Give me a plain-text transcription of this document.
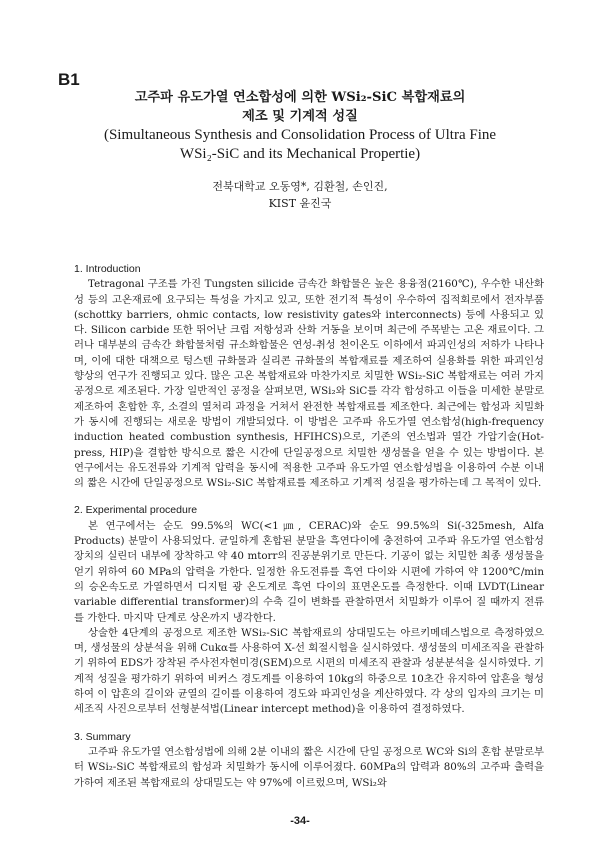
B1

고주파 유도가열 연소합성에 의한 WSi₂-SiC 복합재료의

제조 및 기계적 성질

(Simultaneous Synthesis and Consolidation Process of Ultra Fine

WSi₂-SiC and its Mechanical Propertie)

전북대학교 오동영*, 김환철, 손인진,
KIST 윤진국
1. Introduction

Tetragonal 구조를 가진 Tungsten silicide 금속간 화합물은 높은 용융점(2160℃), 우수한 내산화성 등의 고온재료에 요구되는 특성을 가지고 있고, 또한 전기적 특성이 우수하여 집적회로에서 전자부품(schottky barriers, ohmic contacts, low resistivity gates와 interconnects) 등에 사용되고 있다. Silicon carbide 또한 뛰어난 크립 저항성과 산화 거동을 보이며 최근에 주목받는 고온 재료이다. 그러나 대부분의 금속간 화합물처럼 규소화합물은 연성-취성 천이온도 이하에서 파괴인성의 저하가 나타나며, 이에 대한 대책으로 텅스텐 규화물과 실리콘 규화물의 복합재료를 제조하여 실용화를 위한 파괴인성 향상의 연구가 진행되고 있다. 많은 고온 복합재료와 마찬가지로 치밀한 WSi₂-SiC 복합재료는 여러 가지 공정으로 제조된다. 가장 일반적인 공정을 살펴보면, WSi₂와 SiC를 각각 합성하고 이들을 미세한 분말로 제조하여 혼합한 후, 소결의 열처리 과정을 거쳐서 완전한 복합재료를 제조한다. 최근에는 합성과 치밀화가 동시에 진행되는 새로운 방법이 개발되었다. 이 방법은 고주파 유도가열 연소합성(high-frequency induction heated combustion synthesis, HFIHCS)으로, 기존의 연소법과 열간 가압기술(Hot-press, HIP)을 결합한 방식으로 짧은 시간에 단일공정으로 치밀한 생성물을 얻을 수 있는 방법이다. 본 연구에서는 유도전류와 기계적 압력을 동시에 적용한 고주파 유도가열 연소합성법을 이용하여 수분 이내의 짧은 시간에 단일공정으로 WSi₂-SiC 복합재료를 제조하고 기계적 성질을 평가하는데 그 목적이 있다.

2. Experimental procedure

본 연구에서는 순도 99.5%의 WC(<1㎛, CERAC)와 순도 99.5%의 Si(-325mesh, Alfa Products) 분말이 사용되었다. 균일하게 혼합된 분말을 흑연다이에 충전하여 고주파 유도가열 연소합성 장치의 실린더 내부에 장착하고 약 40 mtorr의 진공분위기로 만든다. 기공이 없는 치밀한 최종 생성물을 얻기 위하여 60 MPa의 압력을 가한다. 일정한 유도전류를 흑연 다이와 시편에 가하여 약 1200℃/min 의 승온속도로 가열하면서 디지털 광 온도계로 흑연 다이의 표면온도를 측정한다. 이때 LVDT(Linear variable differential transformer)의 수축 길이 변화를 관찰하면서 치밀화가 이루어 질 때까지 전류를 가한다. 마지막 단계로 상온까지 냉각한다.

상술한 4단계의 공정으로 제조한 WSi₂-SiC 복합재료의 상대밀도는 아르키메데스법으로 측정하였으며, 생성물의 상분석을 위해 Cukα를 사용하여 X-선 회절시험을 실시하였다. 생성물의 미세조직을 관찰하기 위하여 EDS가 장착된 주사전자현미경(SEM)으로 시편의 미세조직 관찰과 성분분석을 실시하였다. 기계적 성질을 평가하기 위하여 비커스 경도계를 이용하여 10kg의 하중으로 10초간 유지하여 압흔을 형성하여 이 압흔의 길이와 균열의 길이를 이용하여 경도와 파괴인성을 계산하였다. 각 상의 입자의 크기는 미세조직 사진으로부터 선형분석법(Linear intercept method)을 이용하여 결정하였다.

3. Summary

고주파 유도가열 연소합성법에 의해 2분 이내의 짧은 시간에 단일 공정으로 WC와 Si의 혼합 분말로부터 WSi₂-SiC 복합재료의 합성과 치밀화가 동시에 이루어졌다. 60MPa의 압력과 80%의 고주파 출력을 가하여 제조된 복합재료의 상대밀도는 약 97%에 이르렀으며, WSi₂와

-34-
